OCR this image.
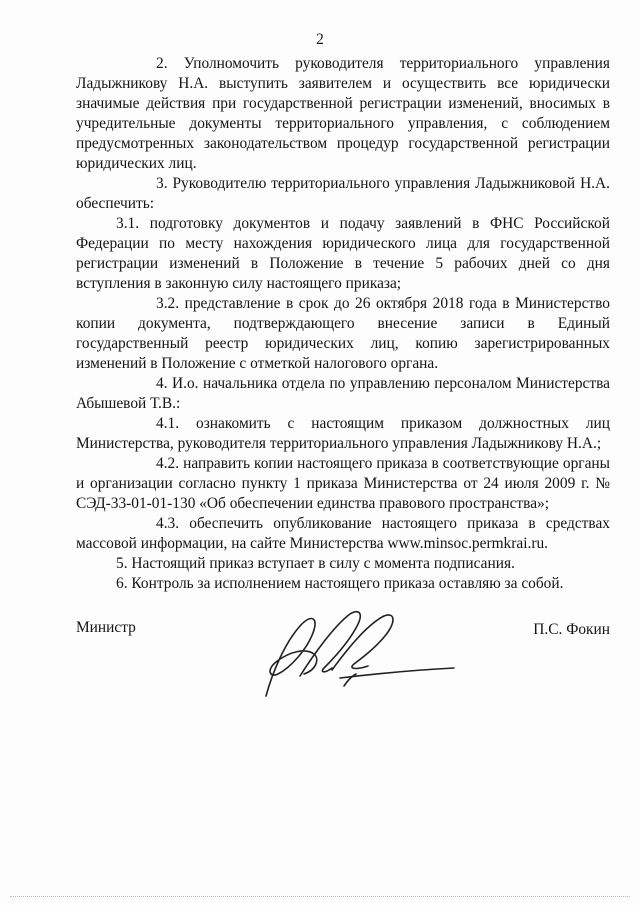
2

2. Уполномочить руководителя территориального управления Ладыжникову Н.А. выступить заявителем и осуществить все юридически значимые действия при государственной регистрации изменений, вносимых в учредительные документы территориального управления, с соблюдением предусмотренных законодательством процедур государственной регистрации юридических лиц.

3. Руководителю территориального управления Ладыжниковой Н.А. обеспечить:

3.1. подготовку документов и подачу заявлений в ФНС Российской Федерации по месту нахождения юридического лица для государственной регистрации изменений в Положение в течение 5 рабочих дней со дня вступления в законную силу настоящего приказа;

3.2. представление в срок до 26 октября 2018 года в Министерство копии документа, подтверждающего внесение записи в Единый государственный реестр юридических лиц, копию зарегистрированных изменений в Положение с отметкой налогового органа.

4. И.о. начальника отдела по управлению персоналом Министерства Абышевой Т.В.:

4.1. ознакомить с настоящим приказом должностных лиц Министерства, руководителя территориального управления Ладыжникову Н.А.;

4.2. направить копии настоящего приказа в соответствующие органы и организации согласно пункту 1 приказа Министерства от 24 июля 2009 г. № СЭД-33-01-01-130 «Об обеспечении единства правового пространства»;

4.3. обеспечить опубликование настоящего приказа в средствах массовой информации, на сайте Министерства www.minsoc.permkrai.ru.

5. Настоящий приказ вступает в силу с момента подписания.

6. Контроль за исполнением настоящего приказа оставляю за собой.

Министр	П.С. Фокин
